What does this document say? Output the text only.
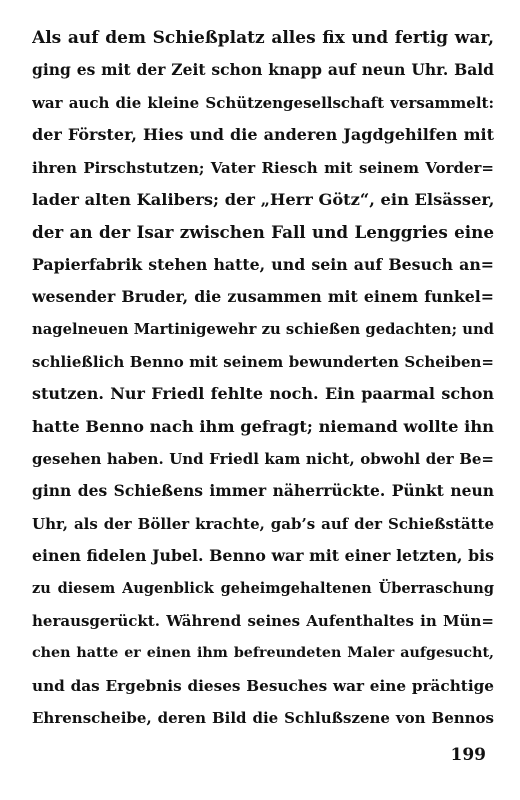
Als auf dem Schießplatz alles fix und fertig war,
ging es mit der Zeit schon knapp auf neun Uhr. Bald
war auch die kleine Schützengesellschaft versammelt:
der Förster, Hies und die anderen Jagdgehilfen mit
ihren Pirschstutzen; Vater Riesch mit seinem Vorder=
lader alten Kalibers; der „Herr Götz“, ein Elsässer,
der an der Isar zwischen Fall und Lenggries eine
Papierfabrik stehen hatte, und sein auf Besuch an=
wesender Bruder, die zusammen mit einem funkel=
nagelneuen Martinigewehr zu schießen gedachten; und
schließlich Benno mit seinem bewunderten Scheiben=
stutzen. Nur Friedl fehlte noch. Ein paarmal schon
hatte Benno nach ihm gefragt; niemand wollte ihn
gesehen haben. Und Friedl kam nicht, obwohl der Be=
ginn des Schießens immer näherrückte. Pünkt neun
Uhr, als der Böller krachte, gab’s auf der Schießstätte
einen fidelen Jubel. Benno war mit einer letzten, bis
zu diesem Augenblick geheimgehaltenen Überraschung
herausgerückt. Während seines Aufenthaltes in Mün=
chen hatte er einen ihm befreundeten Maler aufgesucht,
und das Ergebnis dieses Besuches war eine prächtige
Ehrenscheibe, deren Bild die Schlußszene von Bennos
199
